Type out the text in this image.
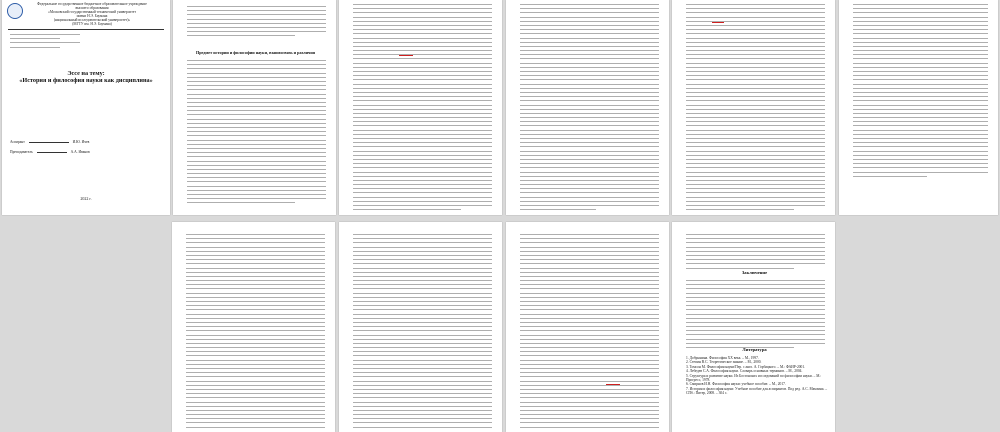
Федеральное государственное бюджетное образовательное учреждение
высшего образования
«Московский государственный технический университет
имени Н.Э. Баумана
(национальный исследовательский университет)»
(МГТУ им. Н.Э. Баумана)
Эссе на тему:
«История и философия науки как дисциплина»
Аспирант	И.Ю. Ичев
Преподаватель	А.А. Иванов
2022 г.
Предмет истории и философии науки, взаимосвязь и различия
Заключение
Литература
1. Добрынина. Философия XX века. – М., 1997.
2. Степин В.С. Теоретическое знание. – М., 2000.
3. Томсон М. Философия науки/Пер. с англ. А. Горбацкого. – М.: ФАИР-2001.
4. Лебедев С.А. Философия науки. Словарь основных терминов. – М., 2004.
5. Структура и развитие науки. Из Бостонских исследований по философии науки. – М.: Прогресс, 1978.
6. Смирнов И.Н. Философия науки: учебное пособие. – М., 2017.
7. История и философия науки: Учебное пособие для аспирантов. Под ред. А.С. Мамзина. – СПб.: Питер, 2008. – 304 с.
